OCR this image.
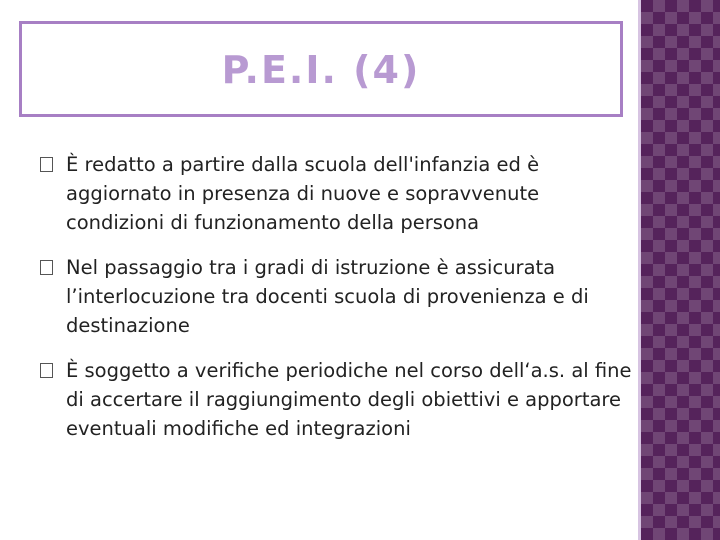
P.E.I. (4)
È redatto a partire dalla scuola dell'infanzia ed è aggiornato in presenza di nuove e sopravvenute condizioni di funzionamento della persona
Nel passaggio tra i gradi di istruzione è assicurata l’interlocuzione tra docenti scuola di provenienza e di destinazione
È soggetto a verifiche periodiche nel corso dell‘a.s. al fine di accertare il raggiungimento degli obiettivi e apportare eventuali modifiche ed integrazioni
